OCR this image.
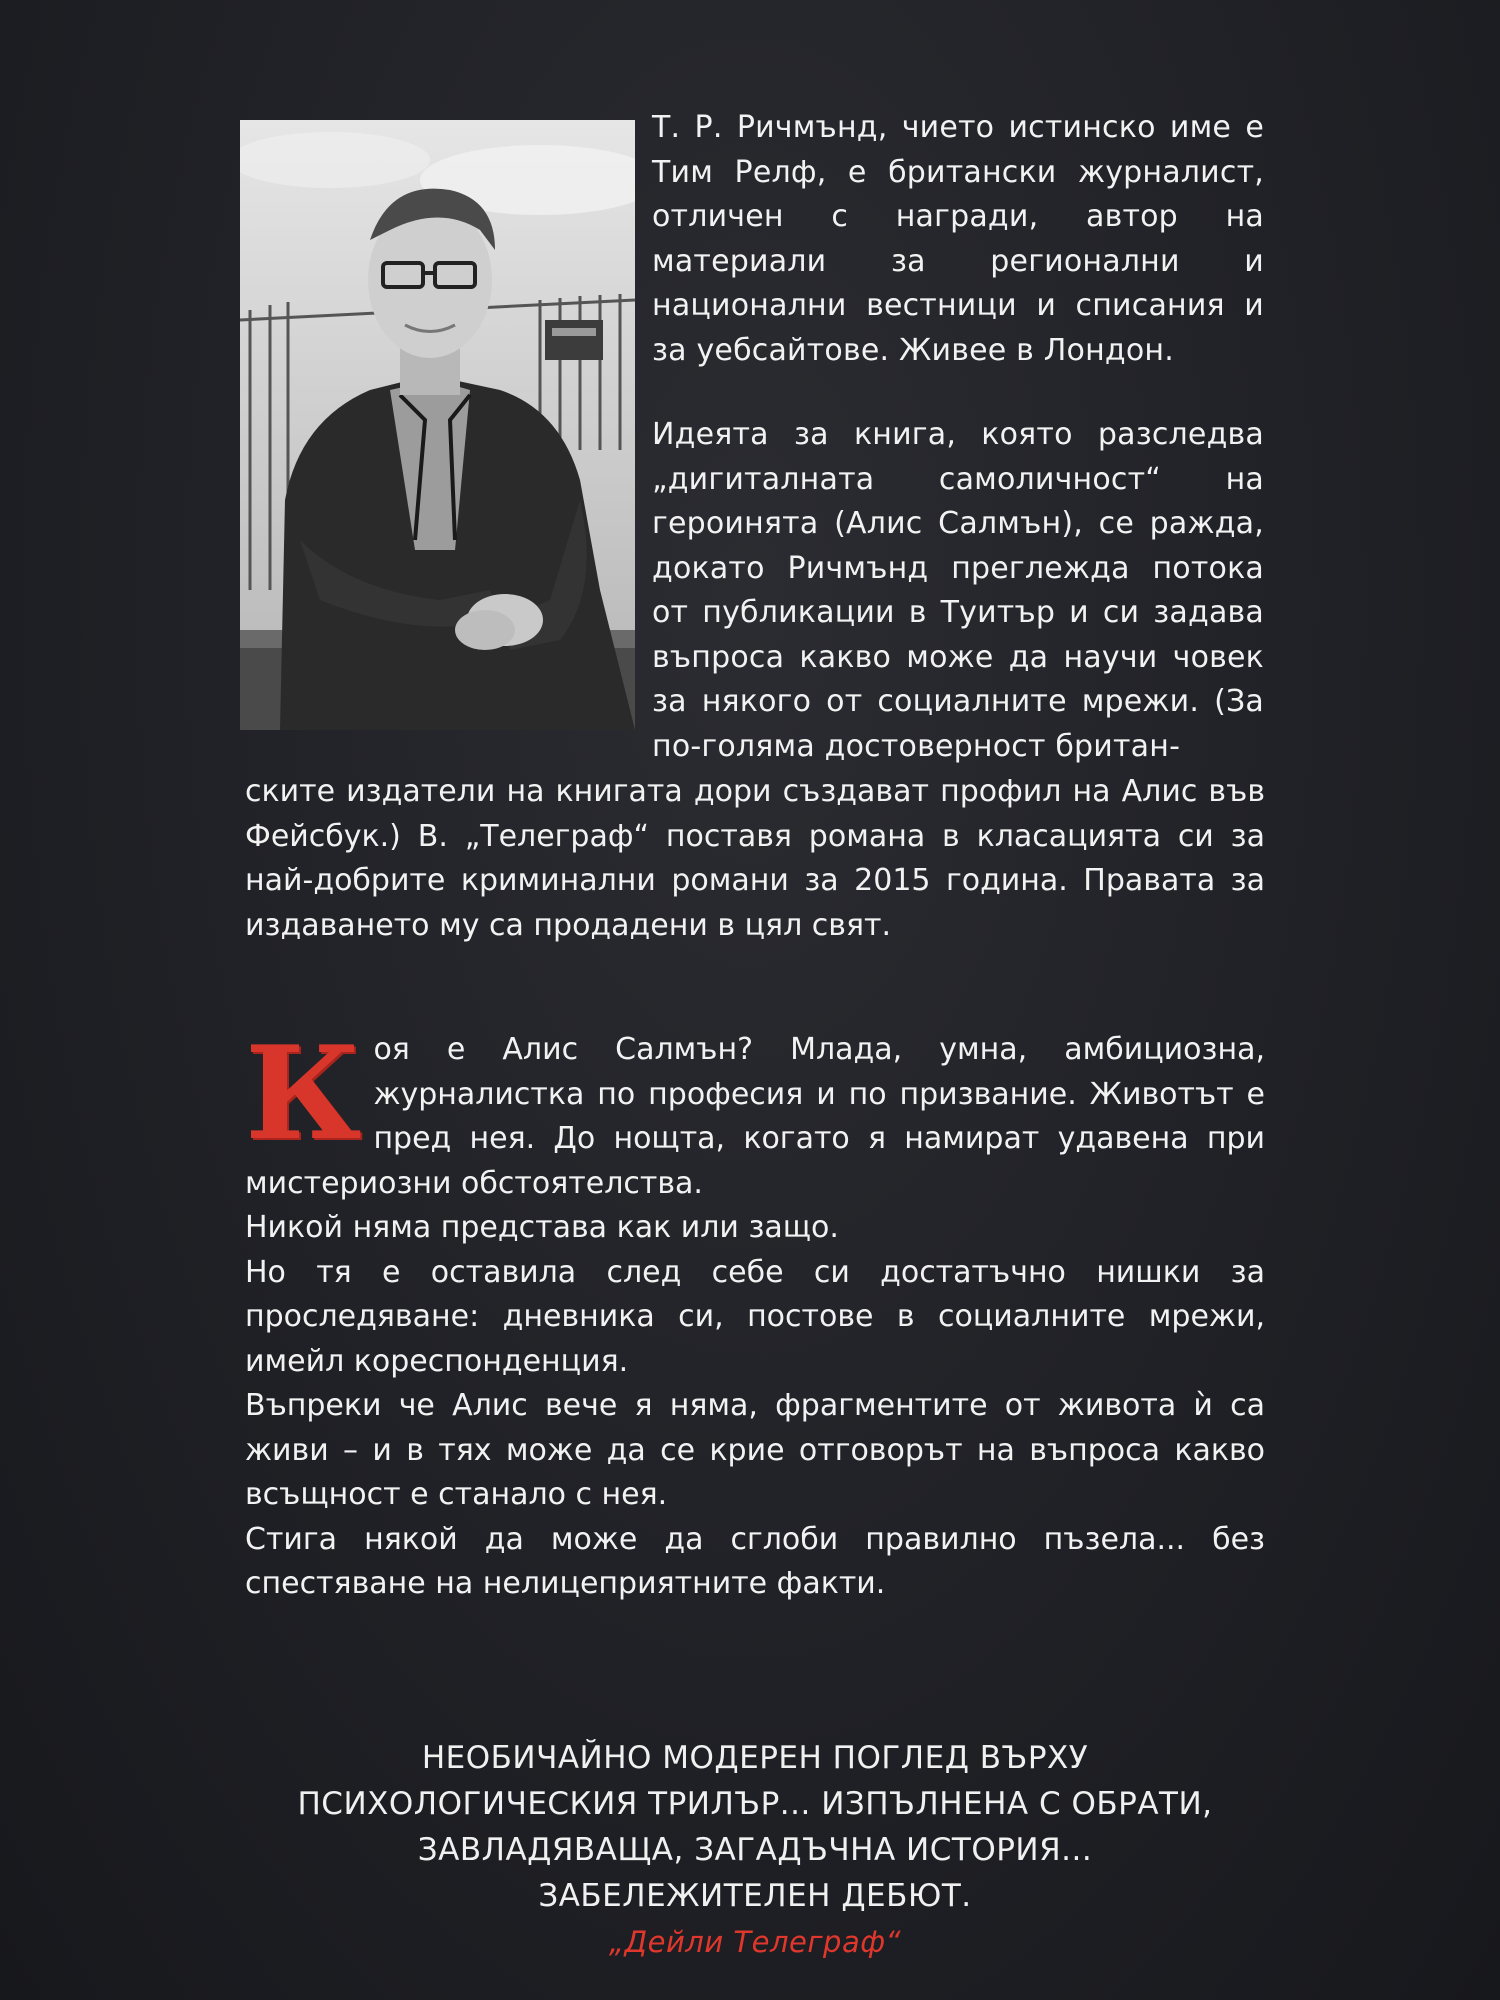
Т. Р. Ричмънд, чието истинско име е Тим Релф, е британски журналист, отличен с награди, автор на материали за регионални и национални вестници и списания и за уебсайтове. Живее в Лондон.

Идеята за книга, която разследва „дигиталната самоличност“ на героинята (Алис Салмън), се ражда, докато Ричмънд преглежда потока от публикации в Туитър и си задава въпроса какво може да научи човек за някого от социалните мрежи. (За по-голяма достоверност британ-

ските издатели на книгата дори създават профил на Алис във Фейсбук.) В. „Телеграф“ поставя романа в класацията си за най-добрите криминални романи за 2015 година. Правата за издаването му са продадени в цял свят.

К оя е Алис Салмън? Млада, умна, амбициозна, журналистка по професия и по призвание. Животът е пред нея. До нощта, когато я намират удавена при мистериозни обстоятелства.

Никой няма представа как или защо.

Но тя е оставила след себе си достатъчно нишки за проследяване: дневника си, постове в социалните мрежи, имейл кореспонденция.

Въпреки че Алис вече я няма, фрагментите от живота ѝ са живи – и в тях може да се крие отговорът на въпроса какво всъщност е станало с нея.

Стига някой да може да сглоби правилно пъзела... без спестяване на нелицеприятните факти.

НЕОБИЧАЙНО МОДЕРЕН ПОГЛЕД ВЪРХУ
ПСИХОЛОГИЧЕСКИЯ ТРИЛЪР... ИЗПЪЛНЕНА С ОБРАТИ,
ЗАВЛАДЯВАЩА, ЗАГАДЪЧНА ИСТОРИЯ...
ЗАБЕЛЕЖИТЕЛЕН ДЕБЮТ.
„Дейли Телеграф“
